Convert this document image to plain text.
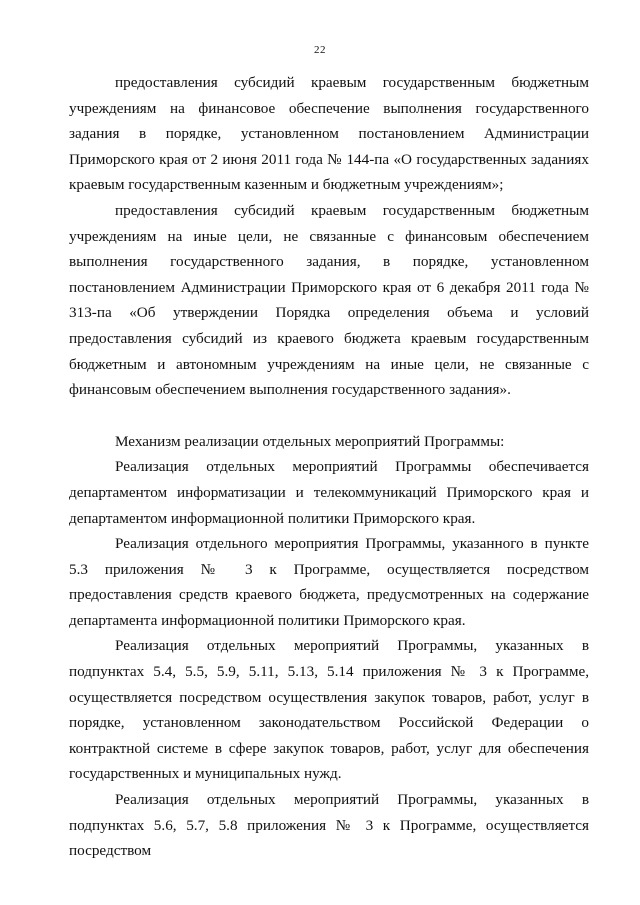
22

предоставления субсидий краевым государственным бюджетным учреждениям на финансовое обеспечение выполнения государственного задания в порядке, установленном постановлением Администрации Приморского края от 2 июня 2011 года № 144-па «О государственных заданиях краевым государственным казенным и бюджетным учреждениям»;

предоставления субсидий краевым государственным бюджетным учреждениям на иные цели, не связанные с финансовым обеспечением выполнения государственного задания, в порядке, установленном постановлением Администрации Приморского края от 6 декабря 2011 года № 313-па «Об утверждении Порядка определения объема и условий предоставления субсидий из краевого бюджета краевым государственным бюджетным и автономным учреждениям на иные цели, не связанные с финансовым обеспечением выполнения государственного задания».

Механизм реализации отдельных мероприятий Программы:

Реализация отдельных мероприятий Программы обеспечивается департаментом информатизации и телекоммуникаций Приморского края и департаментом информационной политики Приморского края.

Реализация отдельного мероприятия Программы, указанного в пункте 5.3 приложения № 3 к Программе, осуществляется посредством предоставления средств краевого бюджета, предусмотренных на содержание департамента информационной политики Приморского края.

Реализация отдельных мероприятий Программы, указанных в подпунктах 5.4, 5.5, 5.9, 5.11, 5.13, 5.14 приложения № 3 к Программе, осуществляется посредством осуществления закупок товаров, работ, услуг в порядке, установленном законодательством Российской Федерации о контрактной системе в сфере закупок товаров, работ, услуг для обеспечения государственных и муниципальных нужд.

Реализация отдельных мероприятий Программы, указанных в подпунктах 5.6, 5.7, 5.8 приложения № 3 к Программе, осуществляется посредством
